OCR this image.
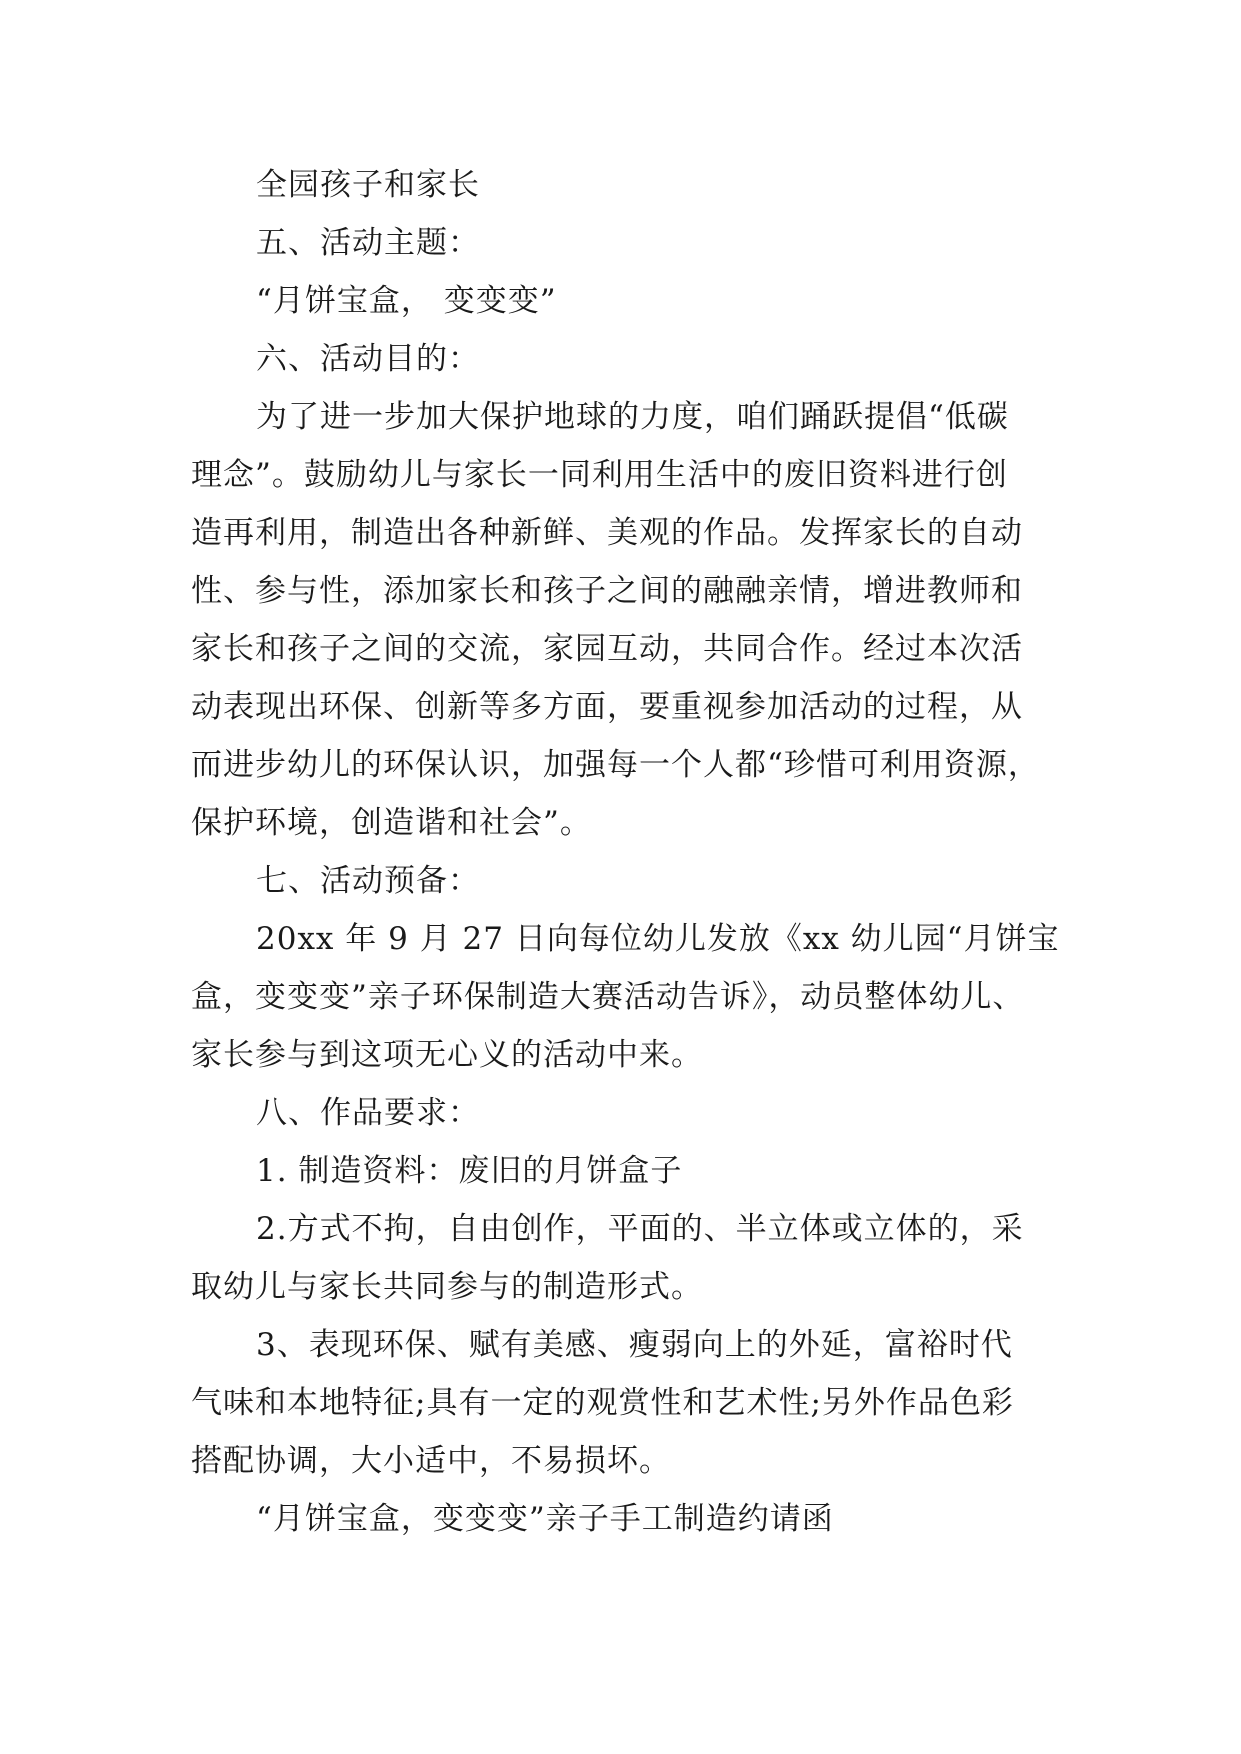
全园孩子和家长
五、活动主题：
“月饼宝盒， 变变变”
六、活动目的：
为了进一步加大保护地球的力度，咱们踊跃提倡“低碳
理念”。鼓励幼儿与家长一同利用生活中的废旧资料进行创
造再利用，制造出各种新鲜、美观的作品。发挥家长的自动
性、参与性，添加家长和孩子之间的融融亲情，增进教师和
家长和孩子之间的交流，家园互动，共同合作。经过本次活
动表现出环保、创新等多方面，要重视参加活动的过程，从
而进步幼儿的环保认识，加强每一个人都“珍惜可利用资源，
保护环境，创造谐和社会”。
七、活动预备：
20xx 年 9 月 27 日向每位幼儿发放《xx 幼儿园“月饼宝
盒，变变变”亲子环保制造大赛活动告诉》，动员整体幼儿、
家长参与到这项无心义的活动中来。
八、作品要求：
1. 制造资料：废旧的月饼盒子
2.方式不拘，自由创作，平面的、半立体或立体的，采
取幼儿与家长共同参与的制造形式。
3、表现环保、赋有美感、瘦弱向上的外延，富裕时代
气味和本地特征;具有一定的观赏性和艺术性;另外作品色彩
搭配协调，大小适中，不易损坏。
“月饼宝盒，变变变”亲子手工制造约请函
